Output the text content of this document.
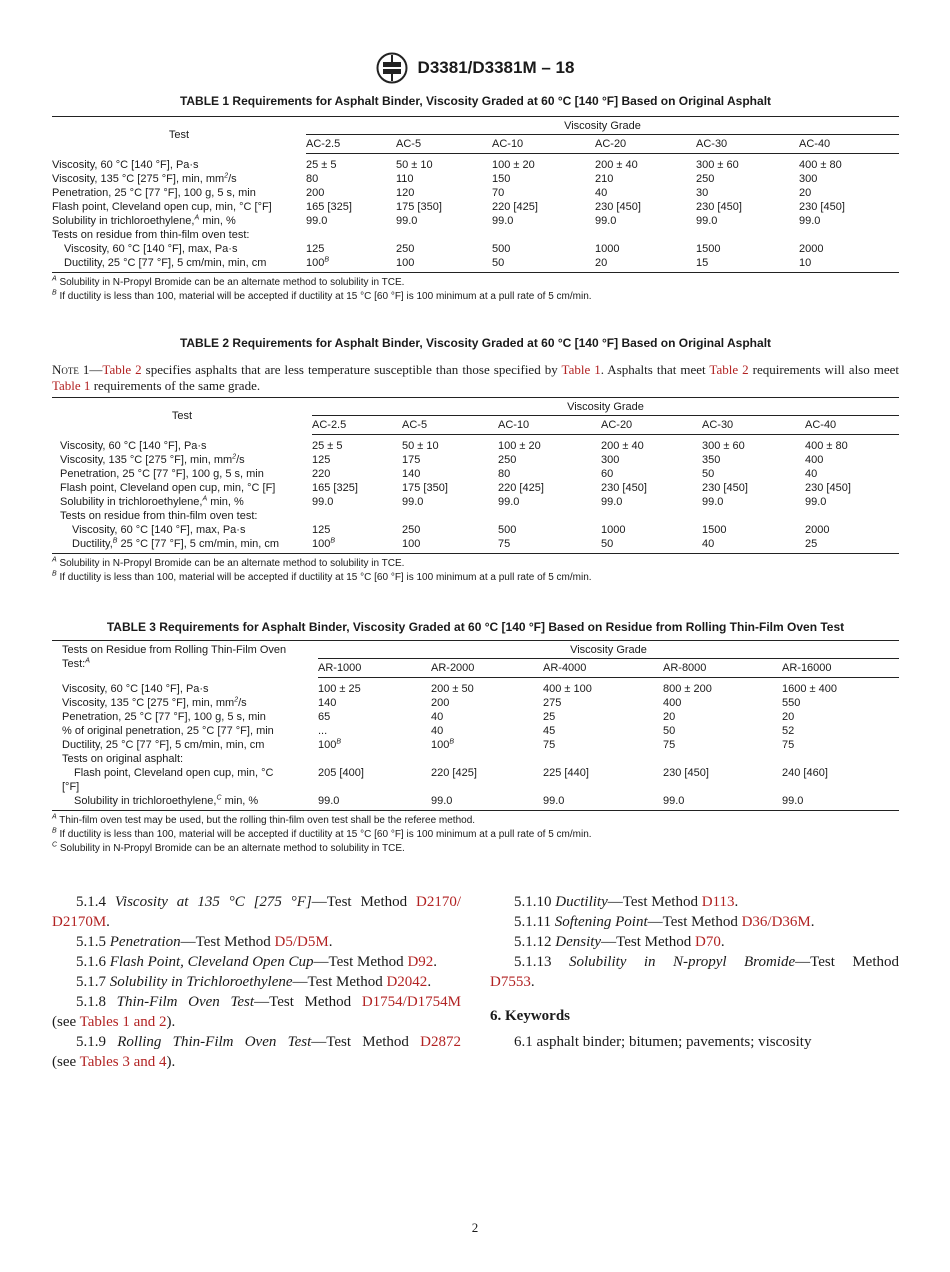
D3381/D3381M – 18
TABLE 1 Requirements for Asphalt Binder, Viscosity Graded at 60 °C [140 °F] Based on Original Asphalt
Test	Viscosity Grade					
	AC-2.5	AC-5	AC-10	AC-20	AC-30	AC-40
Viscosity, 60 °C [140 °F], Pa·s	25 ± 5	50 ± 10	100 ± 20	200 ± 40	300 ± 60	400 ± 80
Viscosity, 135 °C [275 °F], min, $mm^2/s$	80	110	150	210	250	300
Penetration, 25 °C [77 °F], 100 g, 5 s, min	200	120	70	40	30	20
Flash point, Cleveland open cup, min, °C [°F]	165 [325]	175 [350]	220 [425]	230 [450]	230 [450]	230 [450]
Solubility in trichloroethylene,$^A$ min, %	99.0	99.0	99.0	99.0	99.0	99.0
Tests on residue from thin-film oven test:						
Viscosity, 60 °C [140 °F], max, Pa·s	125	250	500	1000	1500	2000
Ductility, 25 °C [77 °F], 5 cm/min, min, cm	$100^B$	100	50	20	15	10
$^A$ Solubility in N-Propyl Bromide can be an alternate method to solubility in TCE.
$^B$ If ductility is less than 100, material will be accepted if ductility at 15 °C [60 °F] is 100 minimum at a pull rate of 5 cm/min.
TABLE 2 Requirements for Asphalt Binder, Viscosity Graded at 60 °C [140 °F] Based on Original Asphalt
Note 1—Table 2 specifies asphalts that are less temperature susceptible than those specified by Table 1. Asphalts that meet Table 2 requirements will also meet Table 1 requirements of the same grade.
Test	Viscosity Grade					
	AC-2.5	AC-5	AC-10	AC-20	AC-30	AC-40
Viscosity, 60 °C [140 °F], Pa·s	25 ± 5	50 ± 10	100 ± 20	200 ± 40	300 ± 60	400 ± 80
Viscosity, 135 °C [275 °F], min, $mm^2/s$	125	175	250	300	350	400
Penetration, 25 °C [77 °F], 100 g, 5 s, min	220	140	80	60	50	40
Flash point, Cleveland open cup, min, °C [F]	165 [325]	175 [350]	220 [425]	230 [450]	230 [450]	230 [450]
Solubility in trichloroethylene,$^A$ min, %	99.0	99.0	99.0	99.0	99.0	99.0
Tests on residue from thin-film oven test:						
Viscosity, 60 °C [140 °F], max, Pa·s	125	250	500	1000	1500	2000
Ductility,$^B$ 25 °C [77 °F], 5 cm/min, min, cm	$100^B$	100	75	50	40	25
$^A$ Solubility in N-Propyl Bromide can be an alternate method to solubility in TCE.
$^B$ If ductility is less than 100, material will be accepted if ductility at 15 °C [60 °F] is 100 minimum at a pull rate of 5 cm/min.
TABLE 3 Requirements for Asphalt Binder, Viscosity Graded at 60 °C [140 °F] Based on Residue from Rolling Thin-Film Oven Test
Tests on Residue from Rolling Thin-Film Oven
Test:$^A$	Viscosity Grade				
	AR-1000	AR-2000	AR-4000	AR-8000	AR-16000
Viscosity, 60 °C [140 °F], Pa·s	100 ± 25	200 ± 50	400 ± 100	800 ± 200	1600 ± 400
Viscosity, 135 °C [275 °F], min, $mm^2/s$	140	200	275	400	550
Penetration, 25 °C [77 °F], 100 g, 5 s, min	65	40	25	20	20
% of original penetration, 25 °C [77 °F], min	...	40	45	50	52
Ductility, 25 °C [77 °F], 5 cm/min, min, cm	$100^B$	$100^B$	75	75	75
Tests on original asphalt:					
Flash point, Cleveland open cup, min, °C
[°F]	205 [400]	220 [425]	225 [440]	230 [450]	240 [460]
Solubility in trichloroethylene,$^C$ min, %	99.0	99.0	99.0	99.0	99.0
$^A$ Thin-film oven test may be used, but the rolling thin-film oven test shall be the referee method.
$^B$ If ductility is less than 100, material will be accepted if ductility at 15 °C [60 °F] is 100 minimum at a pull rate of 5 cm/min.
$^C$ Solubility in N-Propyl Bromide can be an alternate method to solubility in TCE.

5.1.4 Viscosity at 135 °C [275 °F]—Test Method D2170/

D2170M.

5.1.5 Penetration—Test Method D5/D5M.

5.1.6 Flash Point, Cleveland Open Cup—Test Method D92.

5.1.7 Solubility in Trichloroethylene—Test Method D2042.

5.1.8 Thin-Film Oven Test—Test Method D1754/D1754M

(see Tables 1 and 2).

5.1.9 Rolling Thin-Film Oven Test—Test Method D2872

(see Tables 3 and 4).

5.1.10 Ductility—Test Method D113.

5.1.11 Softening Point—Test Method D36/D36M.

5.1.12 Density—Test Method D70.

5.1.13 Solubility in N-propyl Bromide—Test Method

D7553.

6. Keywords

6.1 asphalt binder; bitumen; pavements; viscosity

2
